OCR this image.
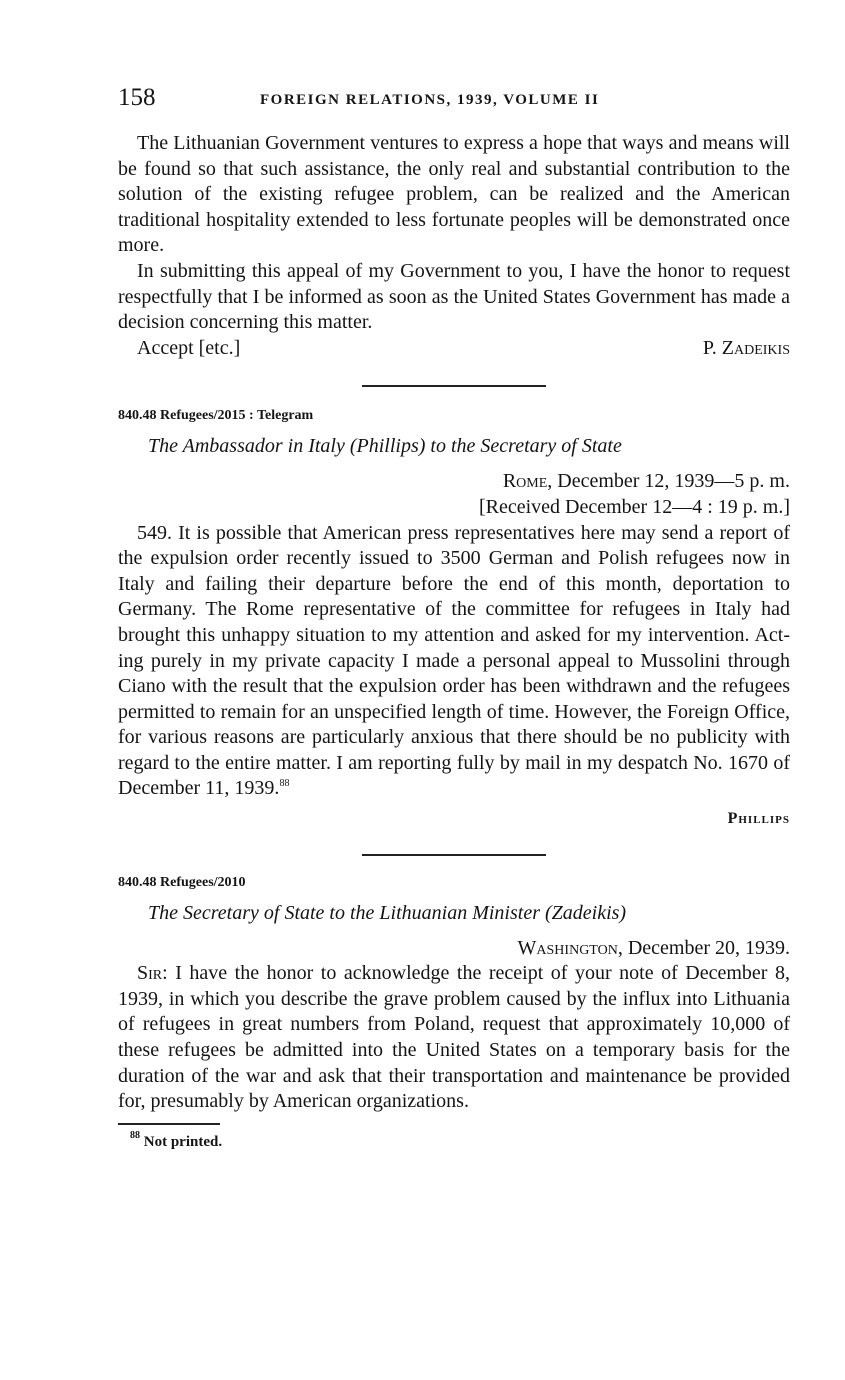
158	FOREIGN RELATIONS, 1939, VOLUME II

The Lithuanian Government ventures to express a hope that ways and means will be found so that such assistance, the only real and substantial contribution to the solution of the existing refugee problem, can be realized and the American traditional hospitality extended to less fortunate peoples will be demonstrated once more.

In submitting this appeal of my Government to you, I have the honor to request respectfully that I be informed as soon as the United States Government has made a decision concerning this matter.

Accept [etc.]	P. Zadeikis
840.48 Refugees/2015 : Telegram
The Ambassador in Italy (Phillips) to the Secretary of State
Rome, December 12, 1939—5 p. m.
[Received December 12—4 : 19 p. m.]

549. It is possible that American press representatives here may send a report of the expulsion order recently issued to 3500 German and Polish refugees now in Italy and failing their departure before the end of this month, deportation to Germany. The Rome representative of the committee for refugees in Italy had brought this unhappy situation to my attention and asked for my intervention. Acting purely in my private capacity I made a personal appeal to Mussolini through Ciano with the result that the expulsion order has been withdrawn and the refugees permitted to remain for an unspecified length of time. However, the Foreign Office, for various reasons are particularly anxious that there should be no publicity with regard to the entire matter. I am reporting fully by mail in my despatch No. 1670 of December 11, 1939.88

Phillips
840.48 Refugees/2010
The Secretary of State to the Lithuanian Minister (Zadeikis)
Washington, December 20, 1939.

Sir: I have the honor to acknowledge the receipt of your note of December 8, 1939, in which you describe the grave problem caused by the influx into Lithuania of refugees in great numbers from Poland, request that approximately 10,000 of these refugees be admitted into the United States on a temporary basis for the duration of the war and ask that their transportation and maintenance be provided for, presumably by American organizations.

$^{88}$ Not printed.
